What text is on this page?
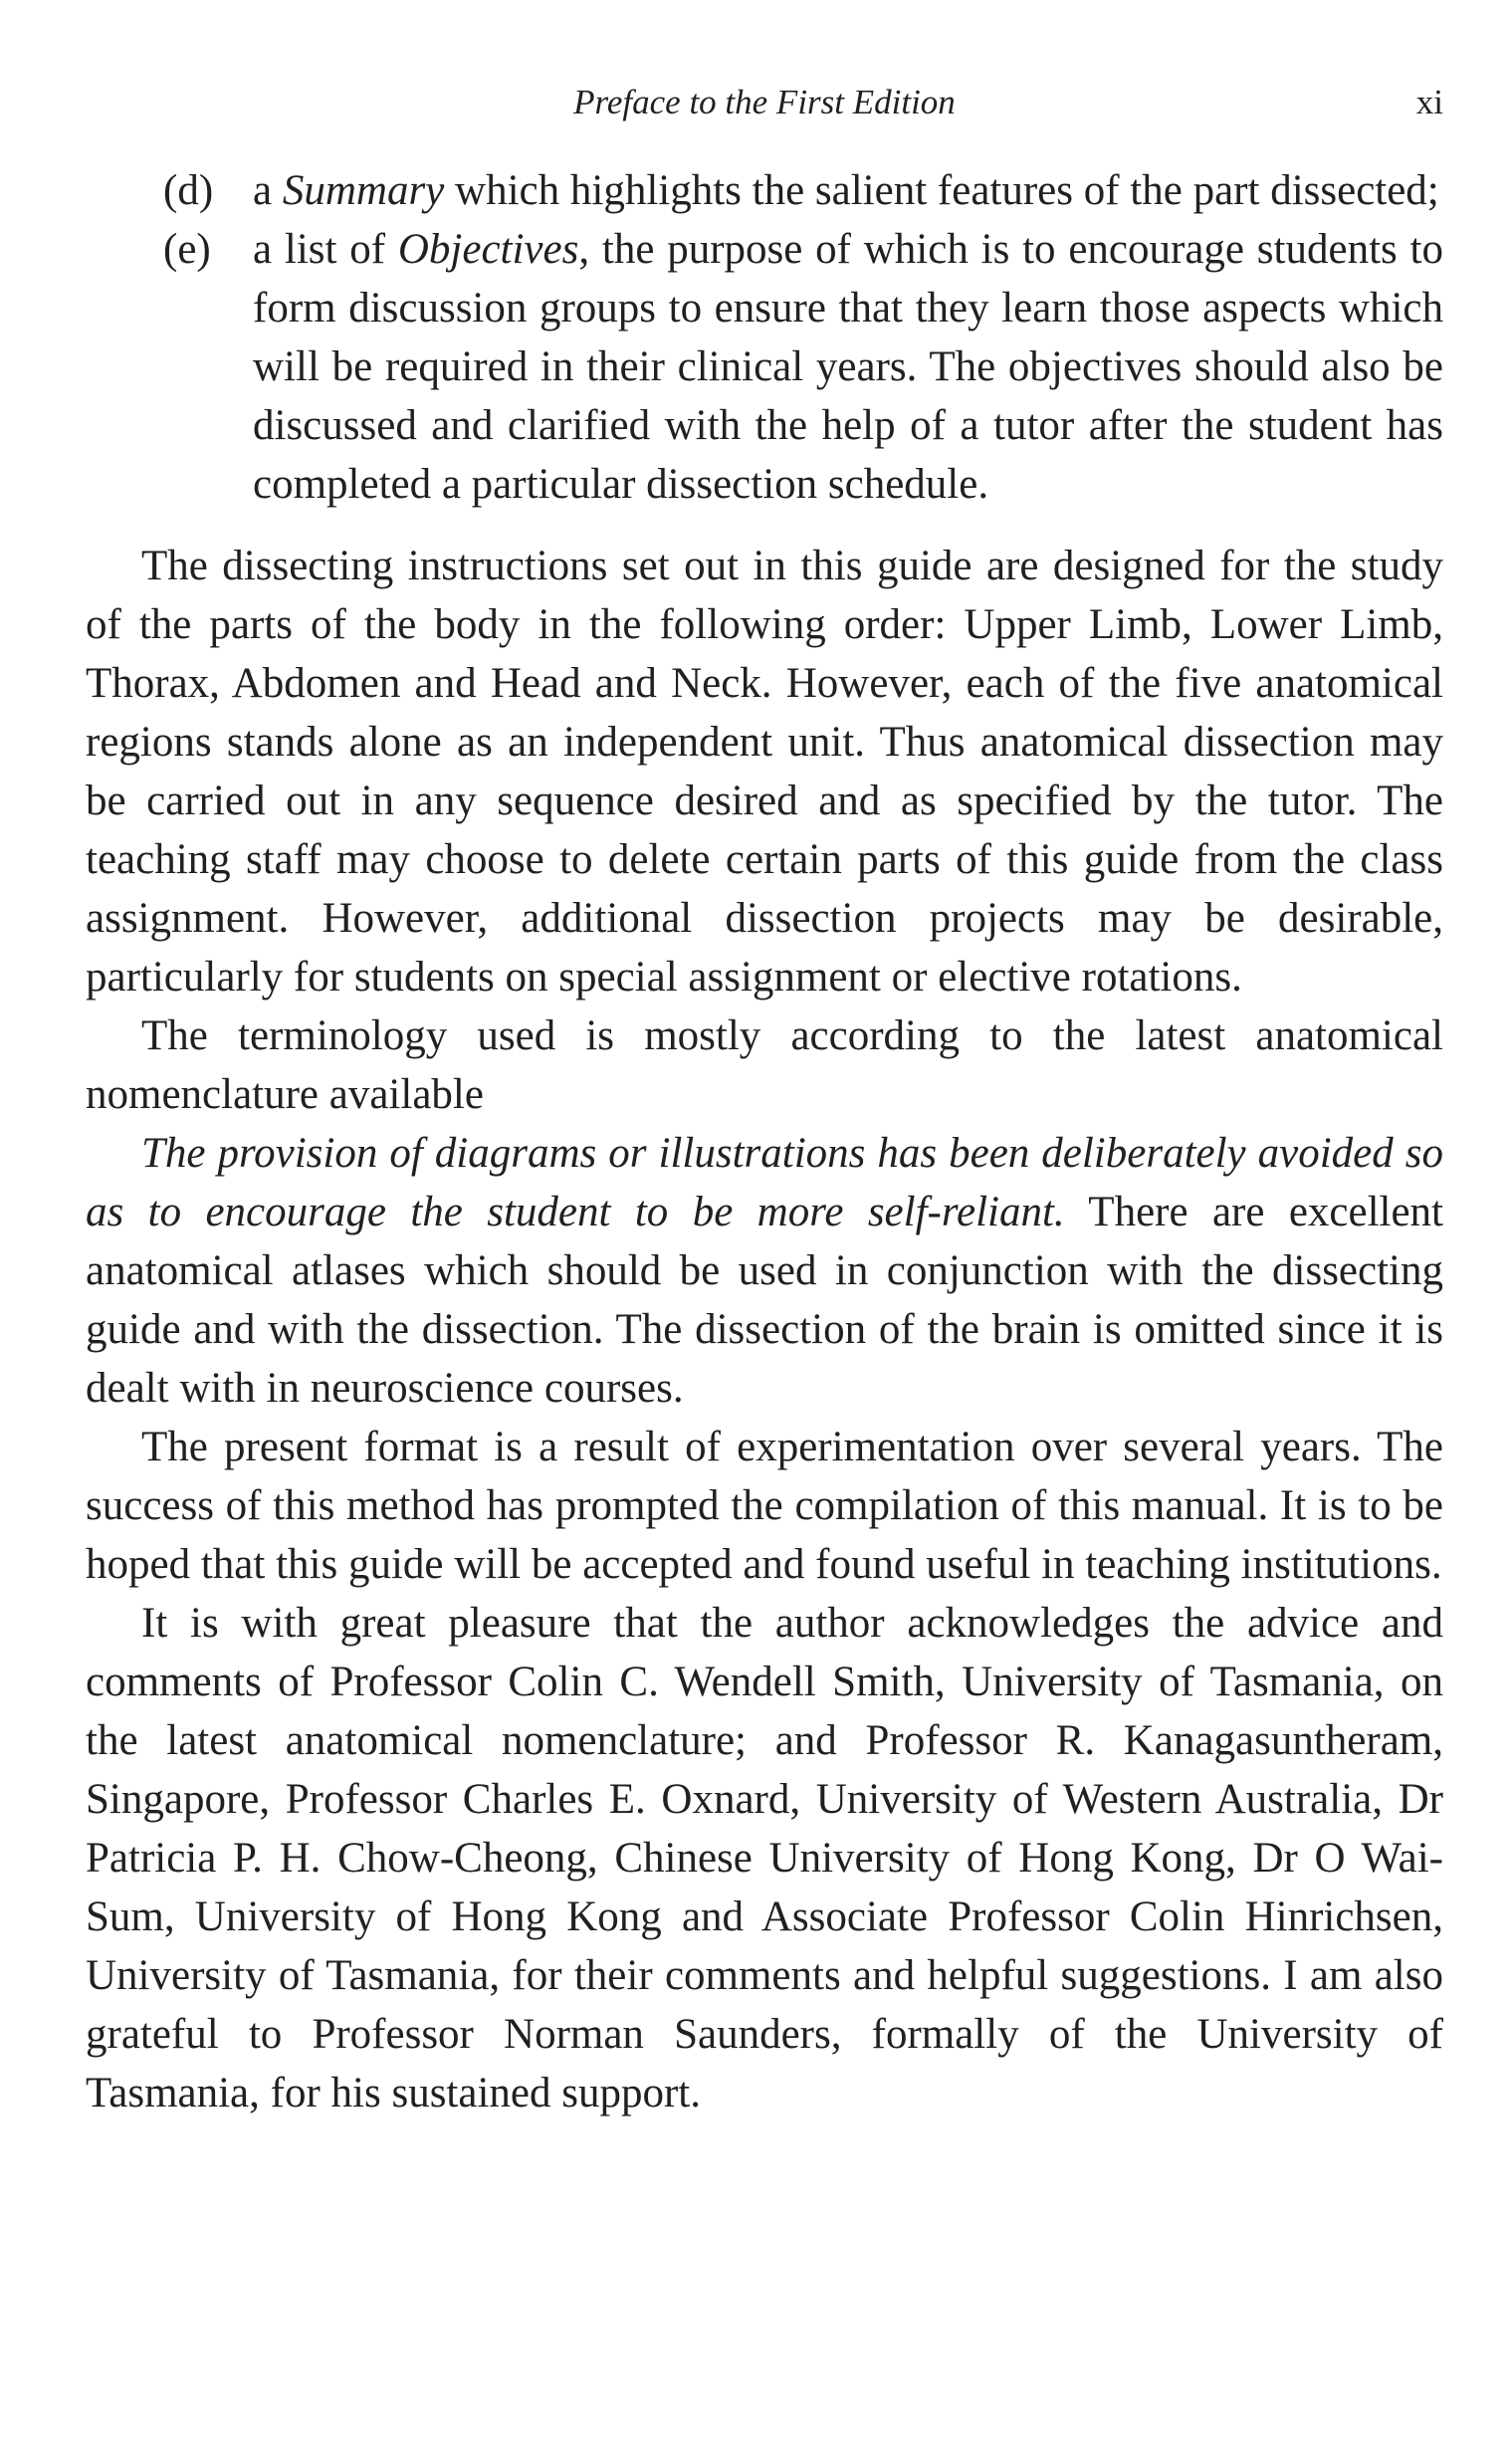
Preface to the First Edition	xi

(d) a Summary which highlights the salient features of the part dissected;

(e) a list of Objectives, the purpose of which is to encourage students to form discussion groups to ensure that they learn those aspects which will be required in their clinical years. The objectives should also be discussed and clarified with the help of a tutor after the student has completed a particular dissection schedule.

The dissecting instructions set out in this guide are designed for the study of the parts of the body in the following order: Upper Limb, Lower Limb, Thorax, Abdomen and Head and Neck. However, each of the five anatomical regions stands alone as an independent unit. Thus anatomical dissection may be carried out in any sequence desired and as specified by the tutor. The teaching staff may choose to delete certain parts of this guide from the class assignment. However, additional dissection projects may be desirable, particularly for students on special assignment or elective rotations.

The terminology used is mostly according to the latest anatomical nomenclature available

The provision of diagrams or illustrations has been deliberately avoided so as to encourage the student to be more self-reliant. There are excellent anatomical atlases which should be used in conjunction with the dissecting guide and with the dissection. The dissection of the brain is omitted since it is dealt with in neuroscience courses.

The present format is a result of experimentation over several years. The success of this method has prompted the compilation of this manual. It is to be hoped that this guide will be accepted and found useful in teaching institutions.

It is with great pleasure that the author acknowledges the advice and comments of Professor Colin C. Wendell Smith, University of Tasmania, on the latest anatomical nomenclature; and Professor R. Kanagasuntheram, Singapore, Professor Charles E. Oxnard, University of Western Australia, Dr Patricia P. H. Chow-Cheong, Chinese University of Hong Kong, Dr O Wai-Sum, University of Hong Kong and Associate Professor Colin Hinrichsen, University of Tasmania, for their comments and helpful suggestions. I am also grateful to Professor Norman Saunders, formally of the University of Tasmania, for his sustained support.
